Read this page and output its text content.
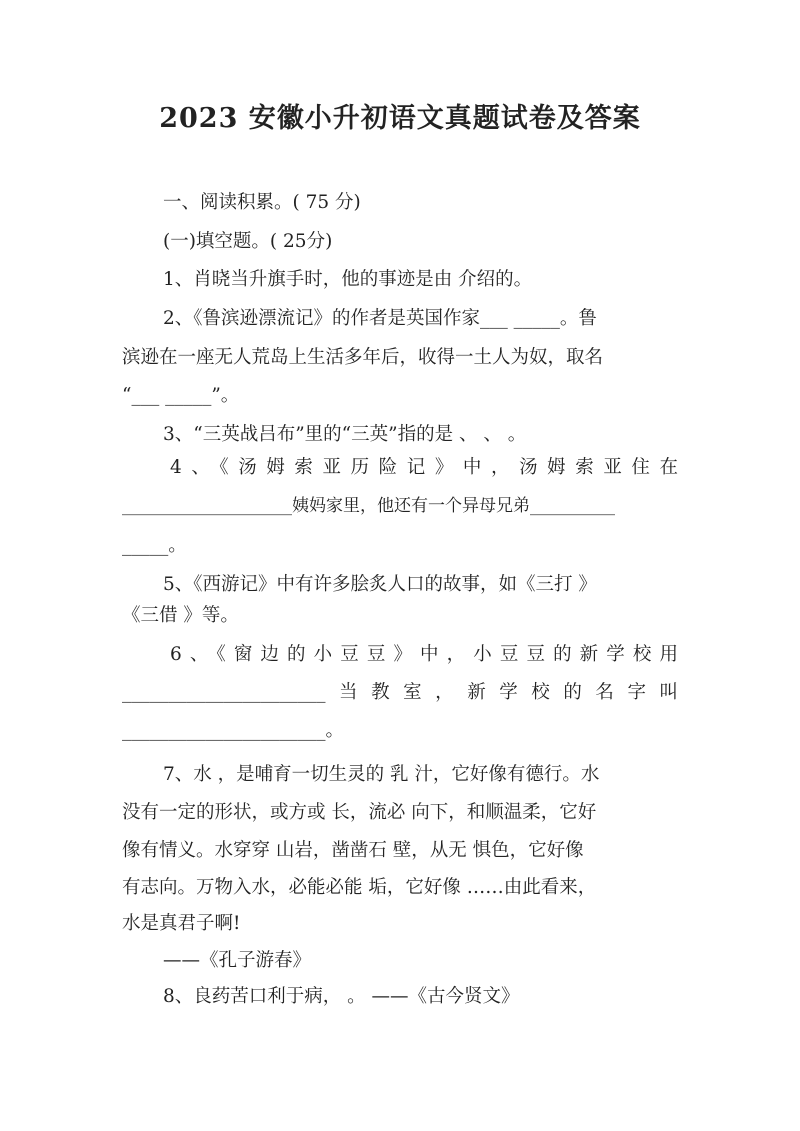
2023 安徽小升初语文真题试卷及答案
一、阅读积累。( 75 分)
(一)填空题。( 25分)
1、肖晓当升旗手时，他的事迹是由 介绍的。
2、《鲁滨逊漂流记》的作者是英国作家___ _____。鲁
滨逊在一座无人荒岛上生活多年后，收得一土人为奴，取名
“___ _____”。
3、“三英战吕布”里的“三英”指的是 、 、 。
4、《汤姆索亚历险记》中，汤姆索亚住在
____________________姨妈家里，他还有一个异母兄弟__________
_____。
5、《西游记》中有许多脍炙人口的故事，如《三打 》
《三借 》等。
6、《窗边的小豆豆》中，小豆豆的新学校用
______________________当教室，新学校的名字叫
______________________。
7、水 ，是哺育一切生灵的 乳 汁，它好像有德行。水
没有一定的形状，或方或 长，流必 向下，和顺温柔，它好
像有情义。水穿穿 山岩，凿凿石 壁，从无 惧色，它好像
有志向。万物入水，必能必能 垢，它好像 ……由此看来，
水是真君子啊!
——《孔子游春》
8、良药苦口利于病， 。 ——《古今贤文》
